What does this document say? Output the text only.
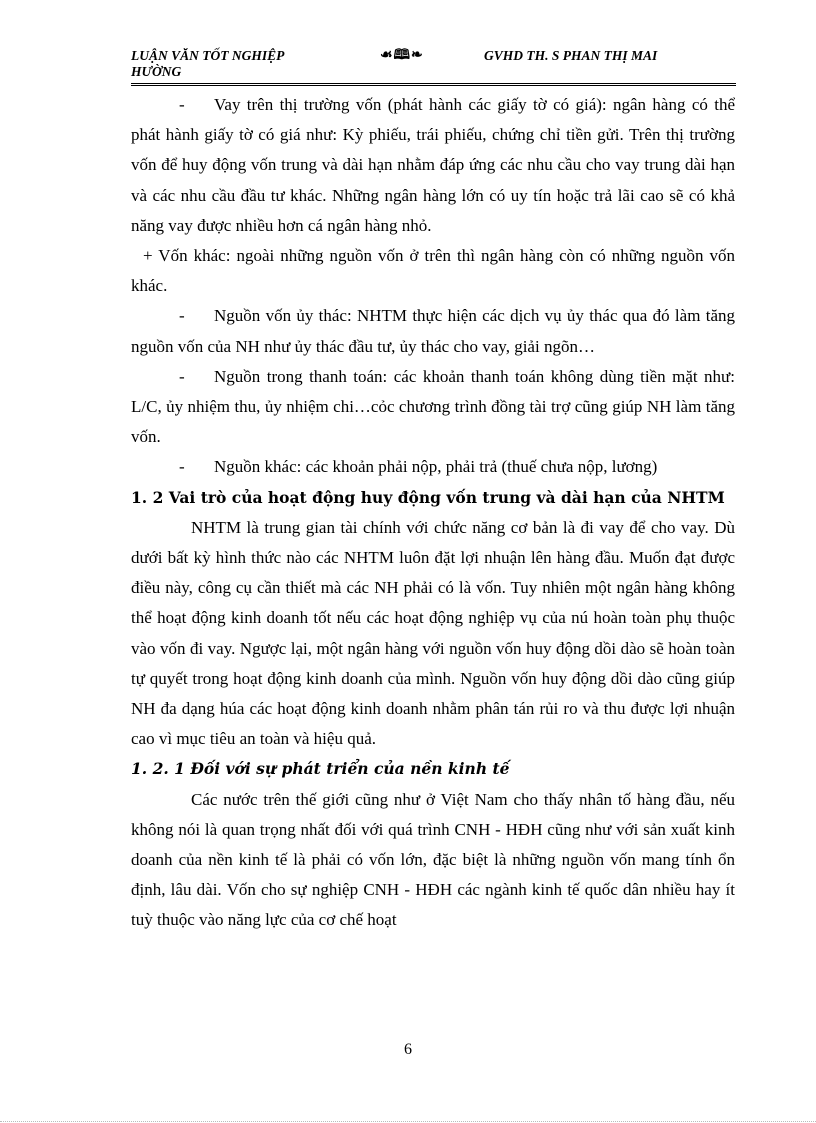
LUẬN VĂN TỐT NGHIỆP HƯỜNG
☙🕮❧	GVHD TH. S PHAN THỊ MAI

- Vay trên thị trường vốn (phát hành các giấy tờ có giá): ngân hàng có thể phát hành giấy tờ có giá như: Kỳ phiếu, trái phiếu, chứng chỉ tiền gửi. Trên thị trường vốn để huy động vốn trung và dài hạn nhằm đáp ứng các nhu cầu cho vay trung dài hạn và các nhu cầu đầu tư khác. Những ngân hàng lớn có uy tín hoặc trả lãi cao sẽ có khả năng vay được nhiều hơn cá ngân hàng nhỏ.

+ Vốn khác: ngoài những nguồn vốn ở trên thì ngân hàng còn có những nguồn vốn khác.

- Nguồn vốn ủy thác: NHTM thực hiện các dịch vụ ủy thác qua đó làm tăng nguồn vốn của NH như ủy thác đầu tư, ủy thác cho vay, giải ngõn…

- Nguồn trong thanh toán: các khoản thanh toán không dùng tiền mặt như: L/C, ủy nhiệm thu, ủy nhiệm chi…cỏc chương trình đồng tài trợ cũng giúp NH làm tăng vốn.

- Nguồn khác: các khoản phải nộp, phải trả (thuế chưa nộp, lương)

1. 2 Vai trò của hoạt động huy động vốn trung và dài hạn của NHTM

NHTM là trung gian tài chính với chức năng cơ bản là đi vay để cho vay. Dù dưới bất kỳ hình thức nào các NHTM luôn đặt lợi nhuận lên hàng đầu. Muốn đạt được điều này, công cụ cần thiết mà các NH phải có là vốn. Tuy nhiên một ngân hàng không thể hoạt động kinh doanh tốt nếu các hoạt động nghiệp vụ của nú hoàn toàn phụ thuộc vào vốn đi vay. Ngược lại, một ngân hàng với nguồn vốn huy động dồi dào sẽ hoàn toàn tự quyết trong hoạt động kinh doanh của mình. Nguồn vốn huy động dồi dào cũng giúp NH đa dạng húa các hoạt động kinh doanh nhằm phân tán rủi ro và thu được lợi nhuận cao vì mục tiêu an toàn và hiệu quả.

1. 2. 1 Đối với sự phát triển của nền kinh tế

Các nước trên thế giới cũng như ở Việt Nam cho thấy nhân tố hàng đầu, nếu không nói là quan trọng nhất đối với quá trình CNH - HĐH cũng như với sản xuất kinh doanh của nền kinh tế là phải có vốn lớn, đặc biệt là những nguồn vốn mang tính ổn định, lâu dài. Vốn cho sự nghiệp CNH - HĐH các ngành kinh tế quốc dân nhiều hay ít tuỳ thuộc vào năng lực của cơ chế hoạt

6
